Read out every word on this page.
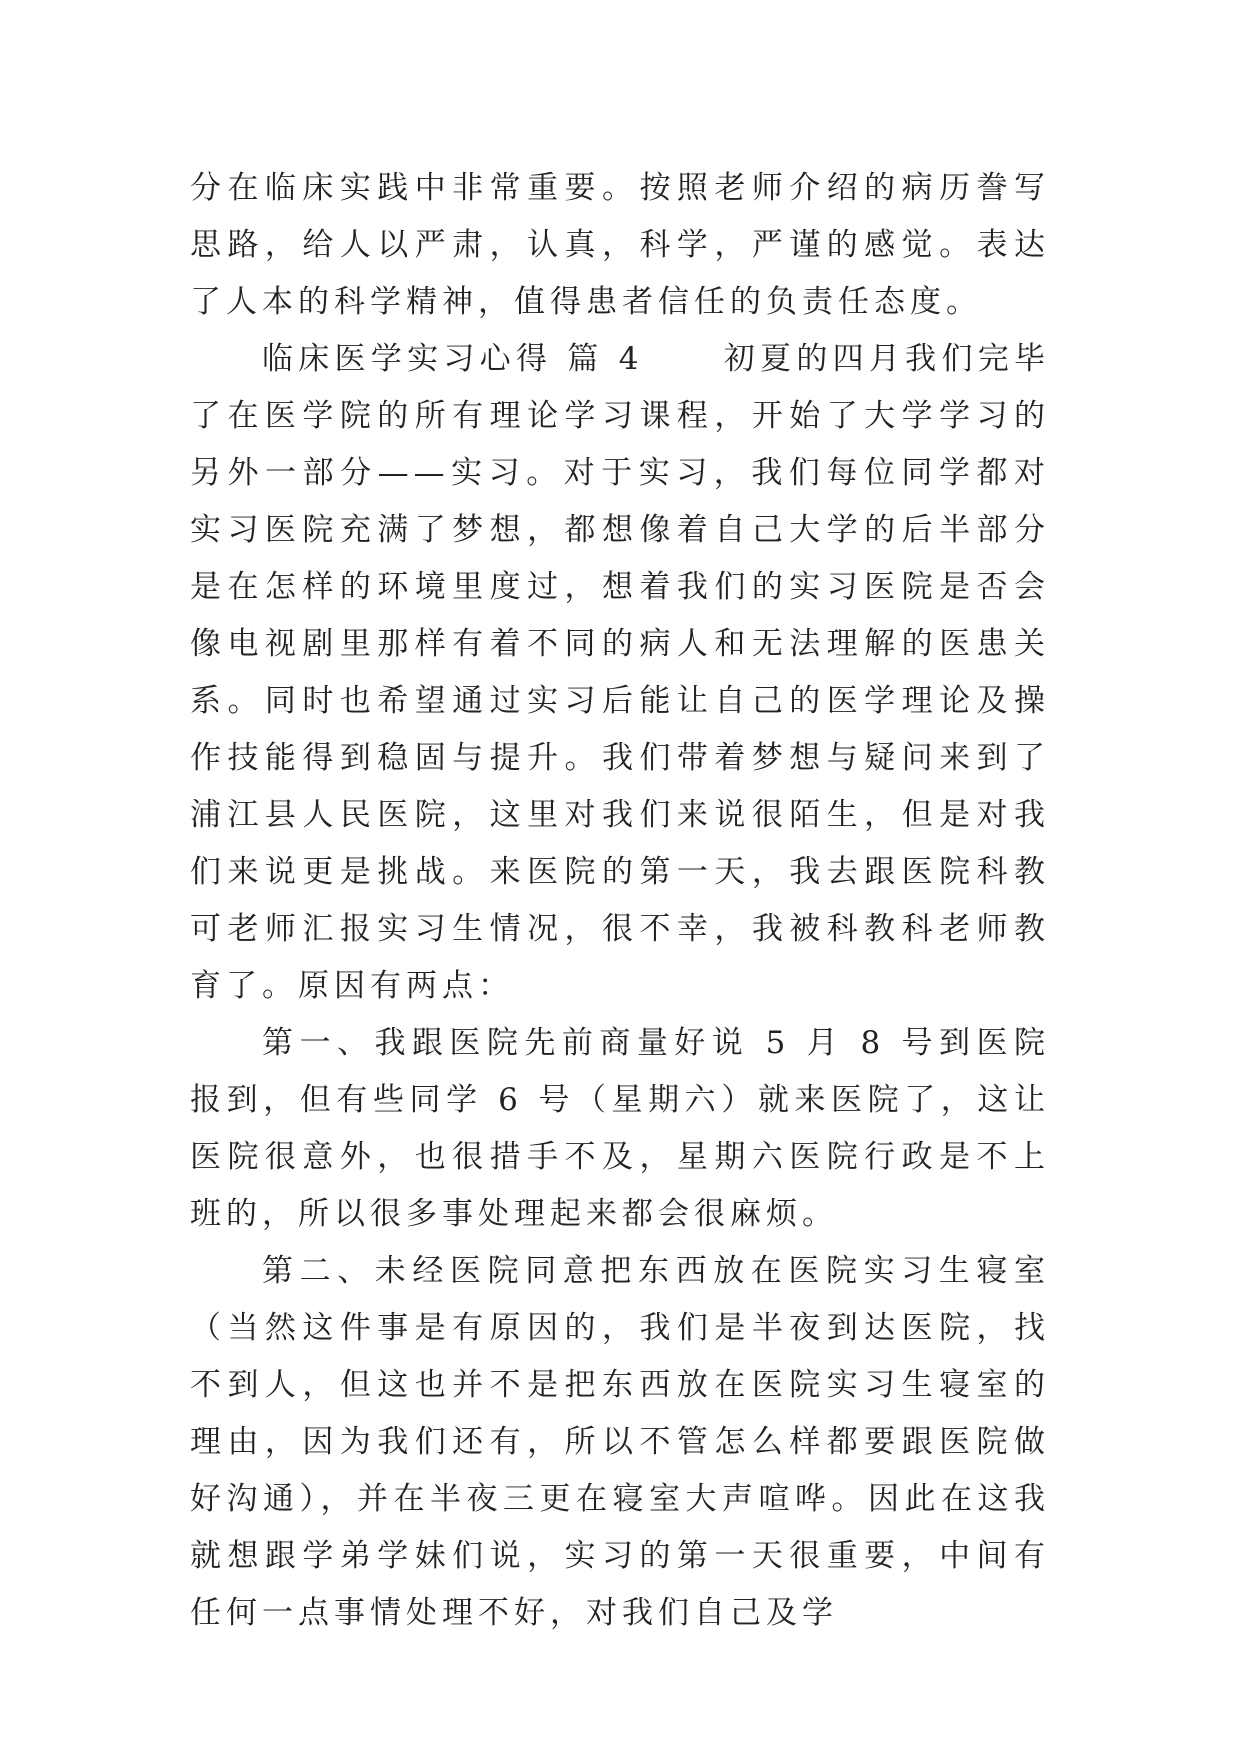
分在临床实践中非常重要。按照老师介绍的病历誊写思路，给人以严肃，认真，科学，严谨的感觉。表达了人本的科学精神，值得患者信任的负责任态度。

临床医学实习心得 篇 4	初夏的四月我们完毕了在医学院的所有理论学习课程，开始了大学学习的另外一部分——实习。对于实习，我们每位同学都对实习医院充满了梦想，都想像着自己大学的后半部分是在怎样的环境里度过，想着我们的实习医院是否会像电视剧里那样有着不同的病人和无法理解的医患关系。同时也希望通过实习后能让自己的医学理论及操作技能得到稳固与提升。我们带着梦想与疑问来到了浦江县人民医院，这里对我们来说很陌生，但是对我们来说更是挑战。来医院的第一天，我去跟医院科教可老师汇报实习生情况，很不幸，我被科教科老师教育了。原因有两点：

第一、我跟医院先前商量好说 5 月 8 号到医院报到，但有些同学 6 号（星期六）就来医院了，这让医院很意外，也很措手不及，星期六医院行政是不上班的，所以很多事处理起来都会很麻烦。

第二、未经医院同意把东西放在医院实习生寝室（当然这件事是有原因的，我们是半夜到达医院，找不到人，但这也并不是把东西放在医院实习生寝室的理由，因为我们还有，所以不管怎么样都要跟医院做好沟通），并在半夜三更在寝室大声喧哗。因此在这我就想跟学弟学妹们说，实习的第一天很重要，中间有任何一点事情处理不好，对我们自己及学
